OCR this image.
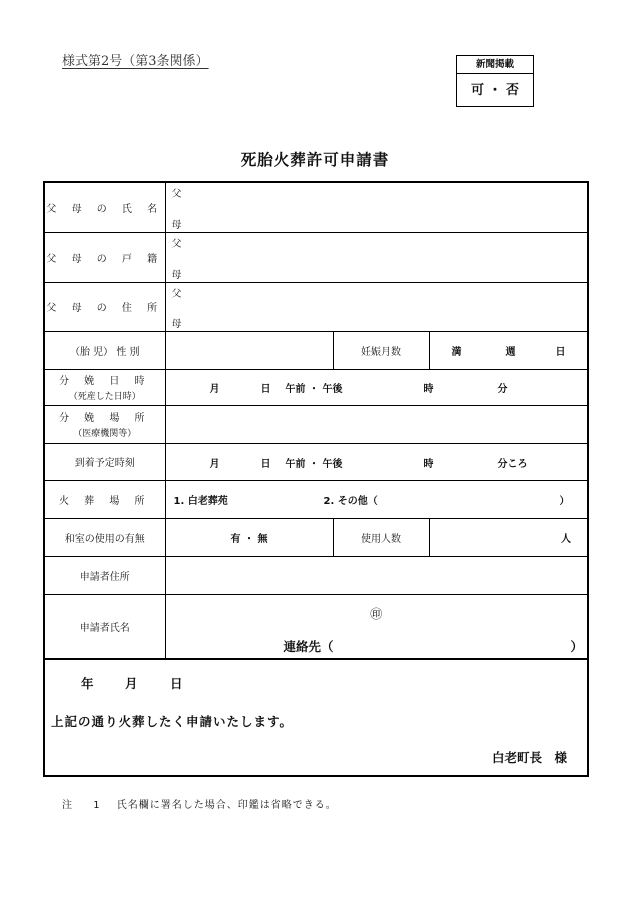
様式第2号（第3条関係）	新聞掲載
可 ・ 否
死胎火葬許可申請書
父 母 の 氏 名	父
母		

父 母 の 戸 籍	父
母		

父 母 の 住 所	父
母		

（胎 児） 性 別		妊娠月数	満 週 日

分 娩 日 時
（死産した日時）	月 日 午前 ・ 午後 時 分		

分 娩 場 所
（医療機関等）			

到着予定時刻	月 日 午前 ・ 午後 時 分ころ		

火 葬 場 所	1. 白老葬苑 2. その他（ ）		

和室の使用の有無	有 ・ 無	使用人数	人

申請者住所			
申請者氏名	㊞
連絡先（ ）		
年	月	日
上記の通り火葬したく申請いたします。
白老町長　様
注 1 氏名欄に署名した場合、印鑑は省略できる。
